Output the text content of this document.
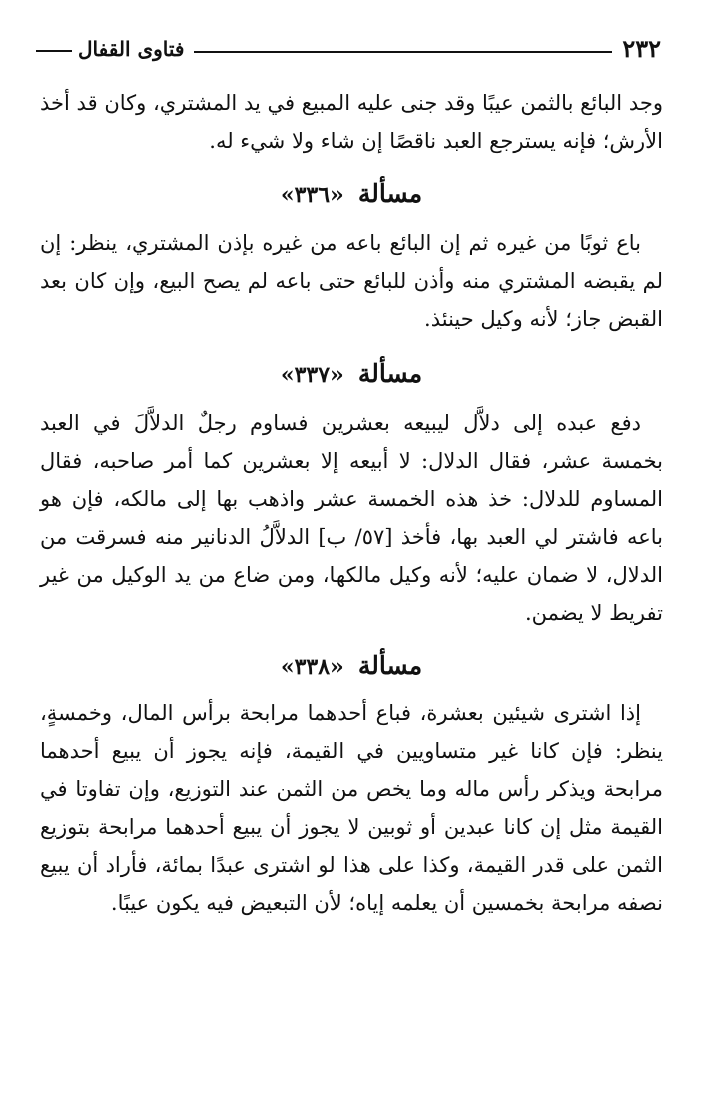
٢٣٢
فتاوى القفال

وجد البائع بالثمن عيبًا وقد جنى عليه المبيع في يد المشتري، وكان قد أخذ الأرش؛ فإنه يسترجع العبد ناقصًا إن شاء ولا شيء له.

مسألة «٣٣٦»

باع ثوبًا من غيره ثم إن البائع باعه من غيره بإذن المشتري، ينظر: إن لم يقبضه المشتري منه وأذن للبائع حتى باعه لم يصح البيع، وإن كان بعد القبض جاز؛ لأنه وكيل حينئذ.

مسألة «٣٣٧»

دفع عبده إلى دلاَّل ليبيعه بعشرين فساوم رجلٌ الدلاَّلَ في العبد بخمسة عشر، فقال الدلال: لا أبيعه إلا بعشرين كما أمر صاحبه، فقال المساوم للدلال: خذ هذه الخمسة عشر واذهب بها إلى مالكه، فإن هو باعه فاشتر لي العبد بها، فأخذ [٥٧/ ب] الدلاَّلُ الدنانير منه فسرقت من الدلال، لا ضمان عليه؛ لأنه وكيل مالكها، ومن ضاع من يد الوكيل من غير تفريط لا يضمن.

مسألة «٣٣٨»

إذا اشترى شيئين بعشرة، فباع أحدهما مرابحة برأس المال، وخمسةٍ، ينظر: فإن كانا غير متساويين في القيمة، فإنه يجوز أن يبيع أحدهما مرابحة ويذكر رأس ماله وما يخص من الثمن عند التوزيع، وإن تفاوتا في القيمة مثل إن كانا عبدين أو ثوبين لا يجوز أن يبيع أحدهما مرابحة بتوزيع الثمن على قدر القيمة، وكذا على هذا لو اشترى عبدًا بمائة، فأراد أن يبيع نصفه مرابحة بخمسين أن يعلمه إياه؛ لأن التبعيض فيه يكون عيبًا.
